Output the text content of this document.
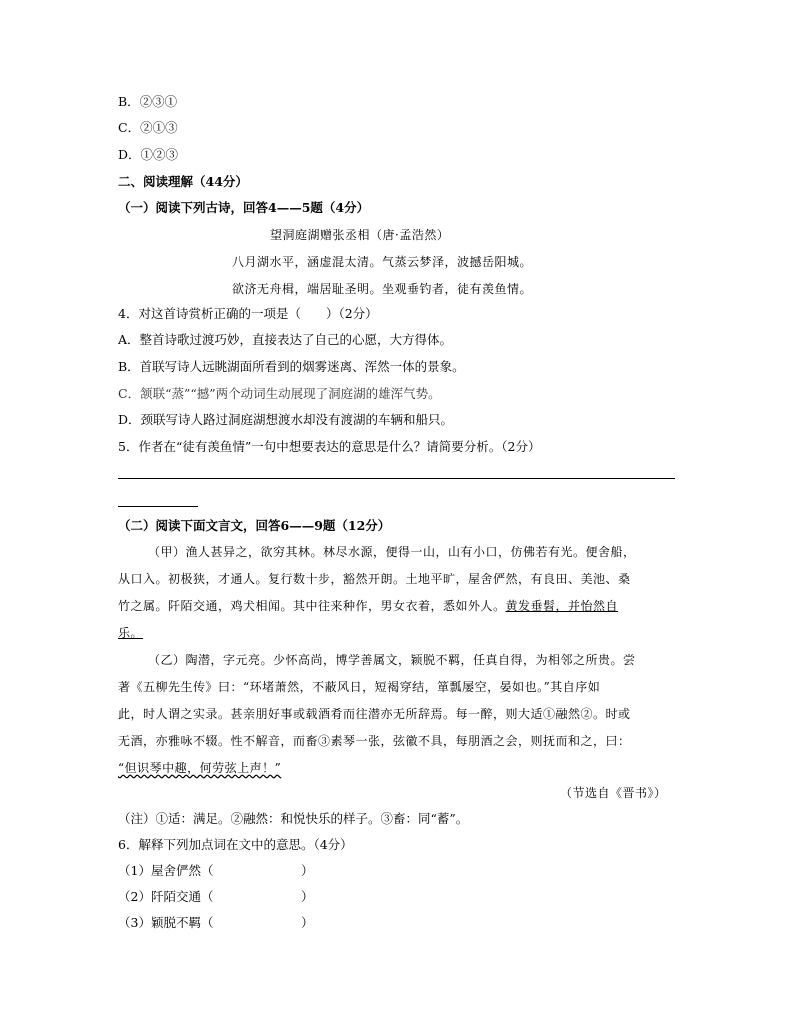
B．②③①
C．②①③
D．①②③
二、阅读理解（44分）
（一）阅读下列古诗，回答4——5题（4分）
望洞庭湖赠张丞相（唐·孟浩然）
八月湖水平，涵虚混太清。气蒸云梦泽，波撼岳阳城。
欲济无舟楫，端居耻圣明。坐观垂钓者，徒有羡鱼情。
4．对这首诗赏析正确的一项是（　　）（2分）
A．整首诗歌过渡巧妙，直接表达了自己的心愿，大方得体。
B．首联写诗人远眺湖面所看到的烟雾迷离、浑然一体的景象。
C．颔联“蒸”“撼”两个动词生动展现了洞庭湖的雄浑气势。
D．颈联写诗人路过洞庭湖想渡水却没有渡湖的车辆和船只。
5．作者在“徒有羡鱼情”一句中想要表达的意思是什么？请简要分析。（2分）
（二）阅读下面文言文，回答6——9题（12分）
（甲）渔人甚异之，欲穷其林。林尽水源，便得一山，山有小口，仿佛若有光。便舍船，
从口入。初极狭，才通人。复行数十步，豁然开朗。土地平旷，屋舍俨然，有良田、美池、桑
竹之属。阡陌交通，鸡犬相闻。其中往来种作，男女衣着，悉如外人。黄发垂髫，并怡然自
乐。
（乙）陶潜，字元亮。少怀高尚，博学善属文，颖脱不羁，任真自得，为相邻之所贵。尝
著《五柳先生传》曰：“环堵萧然，不蔽风日，短褐穿结，箪瓢屡空，晏如也。”其自序如
此，时人谓之实录。甚亲朋好事或载酒肴而往潜亦无所辞焉。每一醉，则大适①融然②。时或
无酒，亦雅咏不辍。性不解音，而畜③素琴一张，弦徽不具，每朋酒之会，则抚而和之，曰：
“但识琴中趣，何劳弦上声！”
（节选自《晋书》）
（注）①适：满足。②融然：和悦快乐的样子。③畜：同“蓄”。
6．解释下列加点词在文中的意思。（4分）
（1）屋舍俨然（　　　　　　　）
（2）阡陌交通（　　　　　　　）
（3）颖脱不羁（　　　　　　　）
